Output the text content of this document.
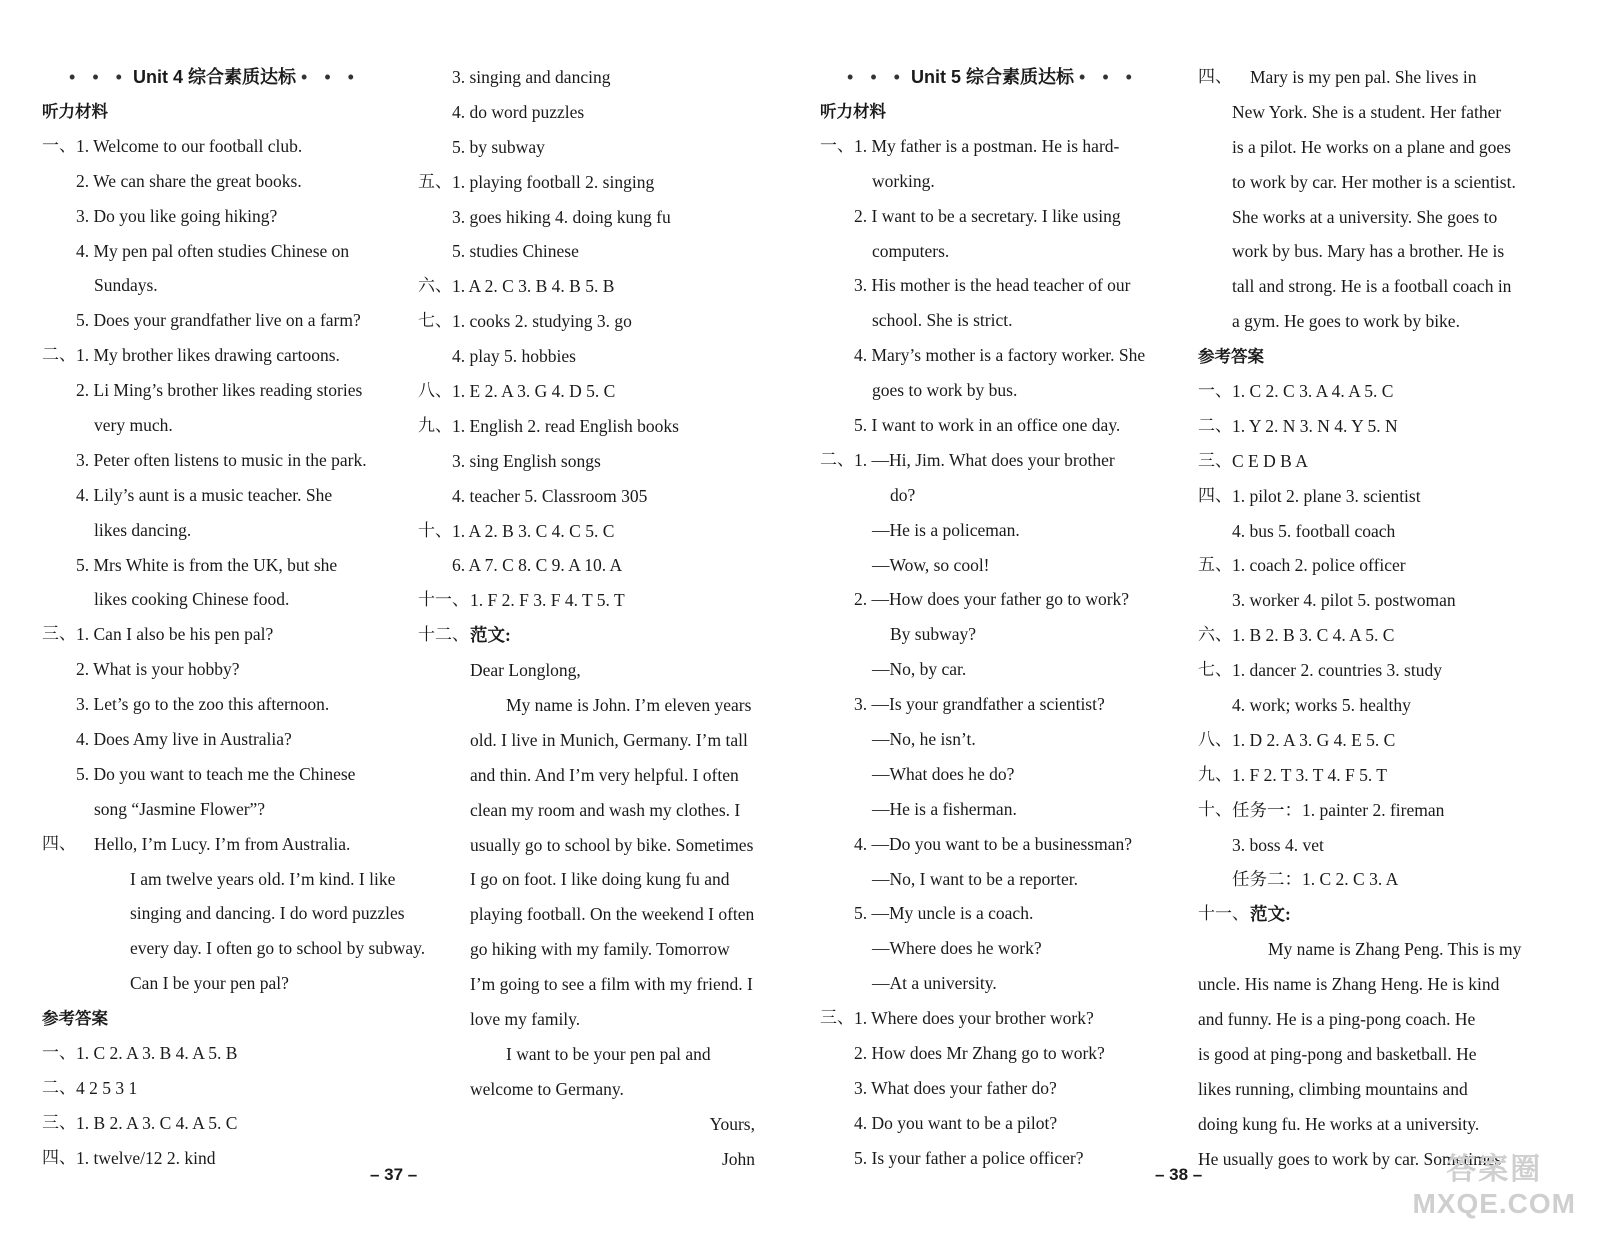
• • • Unit 4 综合素质达标 • • •
听力材料
一、 1. Welcome to our football club.
2. We can share the great books.
3. Do you like going hiking?
4. My pen pal often studies Chinese on
Sundays.
5. Does your grandfather live on a farm?
二、 1. My brother likes drawing cartoons.
2. Li Ming’s brother likes reading stories
very much.
3. Peter often listens to music in the park.
4. Lily’s aunt is a music teacher. She
likes dancing.
5. Mrs White is from the UK, but she
likes cooking Chinese food.
三、 1. Can I also be his pen pal?
2. What is your hobby?
3. Let’s go to the zoo this afternoon.
4. Does Amy live in Australia?
5. Do you want to teach me the Chinese
song “Jasmine Flower”?
四、 Hello, I’m Lucy. I’m from Australia.
I am twelve years old. I’m kind. I like
singing and dancing. I do word puzzles
every day. I often go to school by subway.
Can I be your pen pal?
参考答案
一、 1. C 2. A 3. B 4. A 5. B
二、 4 2 5 3 1
三、 1. B 2. A 3. C 4. A 5. C
四、 1. twelve/12 2. kind
3. singing and dancing
4. do word puzzles
5. by subway
五、 1. playing football 2. singing
3. goes hiking 4. doing kung fu
5. studies Chinese
六、 1. A 2. C 3. B 4. B 5. B
七、 1. cooks 2. studying 3. go
4. play 5. hobbies
八、 1. E 2. A 3. G 4. D 5. C
九、 1. English 2. read English books
3. sing English songs
4. teacher 5. Classroom 305
十、 1. A 2. B 3. C 4. C 5. C
6. A 7. C 8. C 9. A 10. A
十一、 1. F 2. F 3. F 4. T 5. T
十二、 范文:
Dear Longlong,
My name is John. I’m eleven years
old. I live in Munich, Germany. I’m tall
and thin. And I’m very helpful. I often
clean my room and wash my clothes. I
usually go to school by bike. Sometimes
I go on foot. I like doing kung fu and
playing football. On the weekend I often
go hiking with my family. Tomorrow
I’m going to see a film with my friend. I
love my family.
I want to be your pen pal and
welcome to Germany.
Yours,
John
• • • Unit 5 综合素质达标 • • •
听力材料
一、 1. My father is a postman. He is hard-
working.
2. I want to be a secretary. I like using
computers.
3. His mother is the head teacher of our
school. She is strict.
4. Mary’s mother is a factory worker. She
goes to work by bus.
5. I want to work in an office one day.
二、 1. —Hi, Jim. What does your brother
do?
—He is a policeman.
—Wow, so cool!
2. —How does your father go to work?
By subway?
—No, by car.
3. —Is your grandfather a scientist?
—No, he isn’t.
—What does he do?
—He is a fisherman.
4. —Do you want to be a businessman?
—No, I want to be a reporter.
5. —My uncle is a coach.
—Where does he work?
—At a university.
三、 1. Where does your brother work?
2. How does Mr Zhang go to work?
3. What does your father do?
4. Do you want to be a pilot?
5. Is your father a police officer?
四、 Mary is my pen pal. She lives in
New York. She is a student. Her father
is a pilot. He works on a plane and goes
to work by car. Her mother is a scientist.
She works at a university. She goes to
work by bus. Mary has a brother. He is
tall and strong. He is a football coach in
a gym. He goes to work by bike.
参考答案
一、 1. C 2. C 3. A 4. A 5. C
二、 1. Y 2. N 3. N 4. Y 5. N
三、 C E D B A
四、 1. pilot 2. plane 3. scientist
4. bus 5. football coach
五、 1. coach 2. police officer
3. worker 4. pilot 5. postwoman
六、 1. B 2. B 3. C 4. A 5. C
七、 1. dancer 2. countries 3. study
4. work; works 5. healthy
八、 1. D 2. A 3. G 4. E 5. C
九、 1. F 2. T 3. T 4. F 5. T
十、 任务一：1. painter 2. fireman
3. boss 4. vet
任务二：1. C 2. C 3. A
十一、 范文:
My name is Zhang Peng. This is my
uncle. His name is Zhang Heng. He is kind
and funny. He is a ping-pong coach. He
is good at ping-pong and basketball. He
likes running, climbing mountains and
doing kung fu. He works at a university.
He usually goes to work by car. Sometimes
– 37 –	– 38 –	答案圈
MXQE.COM
